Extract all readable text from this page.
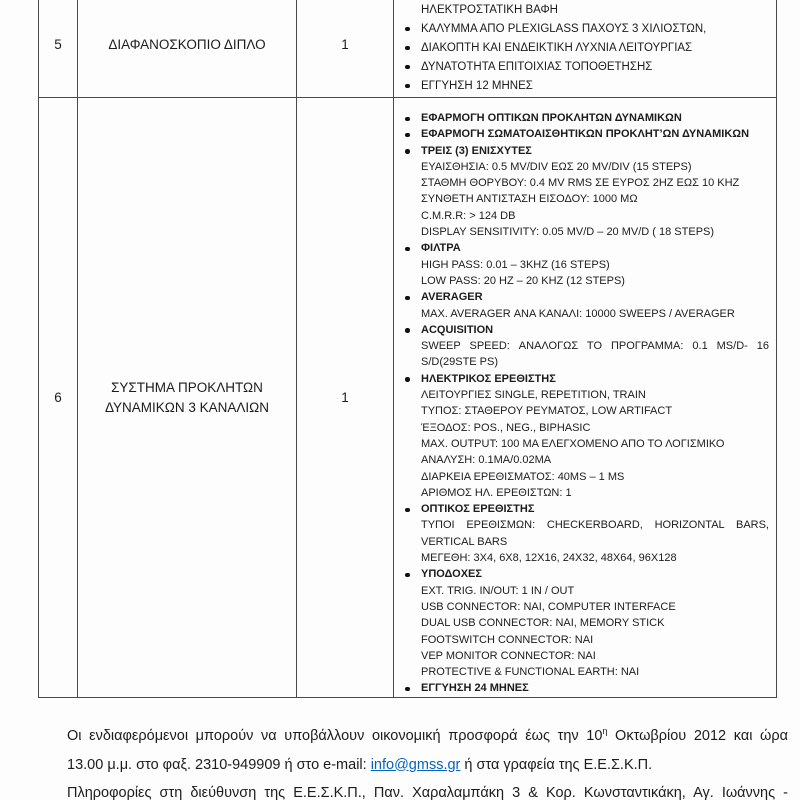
5	ΔΙΑΦΑΝΟΣΚΟΠΙΟ ΔΙΠΛΟ	1
ΗΛΕΚΤΡΟΣΤΑΤΙΚΗ ΒΑΦΗ
ΚΑΛΥΜΜΑ ΑΠΟ PLEXIGLASS ΠΑΧΟΥΣ 3 ΧΙΛΙΟΣΤΩΝ,
ΔΙΑΚΟΠΤΗ ΚΑΙ ΕΝΔΕΙΚΤΙΚΗ ΛΥΧΝΙΑ ΛΕΙΤΟΥΡΓΙΑΣ
ΔΥΝΑΤΟΤΗΤΑ ΕΠΙΤΟΙΧΙΑΣ ΤΟΠΟΘΕΤΗΣΗΣ
ΕΓΓΥΗΣΗ 12 ΜΗΝΕΣ
6
ΣΥΣΤΗΜΑ ΠΡΟΚΛΗΤΩΝ ΔΥΝΑΜΙΚΩΝ 3 ΚΑΝΑΛΙΩΝ
1
ΕΦΑΡΜΟΓΗ ΟΠΤΙΚΩΝ ΠΡΟΚΛΗΤΩΝ ΔΥΝΑΜΙΚΩΝ
ΕΦΑΡΜΟΓΗ ΣΩΜΑΤΟΑΙΣΘΗΤΙΚΩΝ ΠΡΟΚΛΗΤ’ΩΝ ΔΥΝΑΜΙΚΩΝ
ΤΡΕΙΣ (3) ΕΝΙΣΧΥΤΕΣ
ΕΥΑΙΣΘΗΣΙΑ: 0.5 MV/DIV ΕΩΣ 20 MV/DIV (15 STEPS)
ΣΤΑΘΜΗ ΘΟΡΥΒΟΥ: 0.4 MV RMS ΣΕ ΕΥΡΟΣ 2HZ ΕΩΣ 10 KHZ
ΣΥΝΘΕΤΗ ΑΝΤΙΣΤΑΣΗ ΕΙΣΟΔΟΥ: 1000 ΜΩ
C.M.R.R: > 124 DB
DISPLAY SENSITIVITY: 0.05 MV/D – 20 MV/D ( 18 STEPS)
ΦΙΛΤΡΑ
HIGH PASS: 0.01 – 3KHZ (16 STEPS)
LOW PASS: 20 HZ – 20 KHZ (12 STEPS)
AVERAGER
MAX. AVERAGER ΑΝΑ ΚΑΝΑΛΙ: 10000 SWEEPS / AVERAGER
ACQUISITION
SWEEP SPEED: ΑΝΑΛΟΓΩΣ ΤΟ ΠΡΟΓΡΑΜΜΑ: 0.1 MS/D- 16
S/D(29STE PS)
ΗΛΕΚΤΡΙΚΟΣ ΕΡΕΘΙΣΤΗΣ
ΛΕΙΤΟΥΡΓΙΕΣ SINGLE, REPETITION, TRAIN
ΤΥΠΟΣ: ΣΤΑΘΕΡΟΥ ΡΕΥΜΑΤΟΣ, LOW ARTIFACT
ΈΞΟΔΟΣ: POS., NEG., BIPHASIC
MAX. OUTPUT: 100 MA ΕΛΕΓΧΟΜΕΝΟ ΑΠΟ ΤΟ ΛΟΓΙΣΜΙΚΟ
ΑΝΑΛΥΣΗ: 0.1ΜΑ/0.02ΜΑ
ΔΙΑΡΚΕΙΑ ΕΡΕΘΙΣΜΑΤΟΣ: 40MS – 1 MS
ΑΡΙΘΜΟΣ ΗΛ. ΕΡΕΘΙΣΤΩΝ: 1
ΟΠΤΙΚΟΣ ΕΡΕΘΙΣΤΗΣ
ΤΥΠΟΙ ΕΡΕΘΙΣΜΩΝ: CHECKERBOARD, HORIZONTAL BARS,
VERTICAL BARS
ΜΕΓΕΘΗ: 3X4, 6X8, 12X16, 24X32, 48X64, 96X128
ΥΠΟΔΟΧΕΣ
EXT. TRIG. IN/OUT: 1 IN / OUT
USB CONNECTOR: ΝΑΙ, COMPUTER INTERFACE
DUAL USB CONNECTOR: ΝΑΙ, MEMORY STICK
FOOTSWITCH CONNECTOR: ΝΑΙ
VEP MONITOR CONNECTOR: ΝΑΙ
PROTECTIVE & FUNCTIONAL EARTH: ΝΑΙ
ΕΓΓΥΗΣΗ 24 ΜΗΝΕΣ
Οι ενδιαφερόμενοι μπορούν να υποβάλλουν οικονομική προσφορά έως την $10^\eta$ Οκτωβρίου 2012 και ώρα
13.00 μ.μ. στο φαξ. 2310-949909 ή στο e-mail: info@gmss.gr ή στα γραφεία της Ε.Ε.Σ.Κ.Π.
Πληροφορίες στη διεύθυνση της Ε.Ε.Σ.Κ.Π., Παν. Χαραλαμπάκη 3 & Κορ. Κωνσταντικάκη, Αγ. Ιωάννης -
